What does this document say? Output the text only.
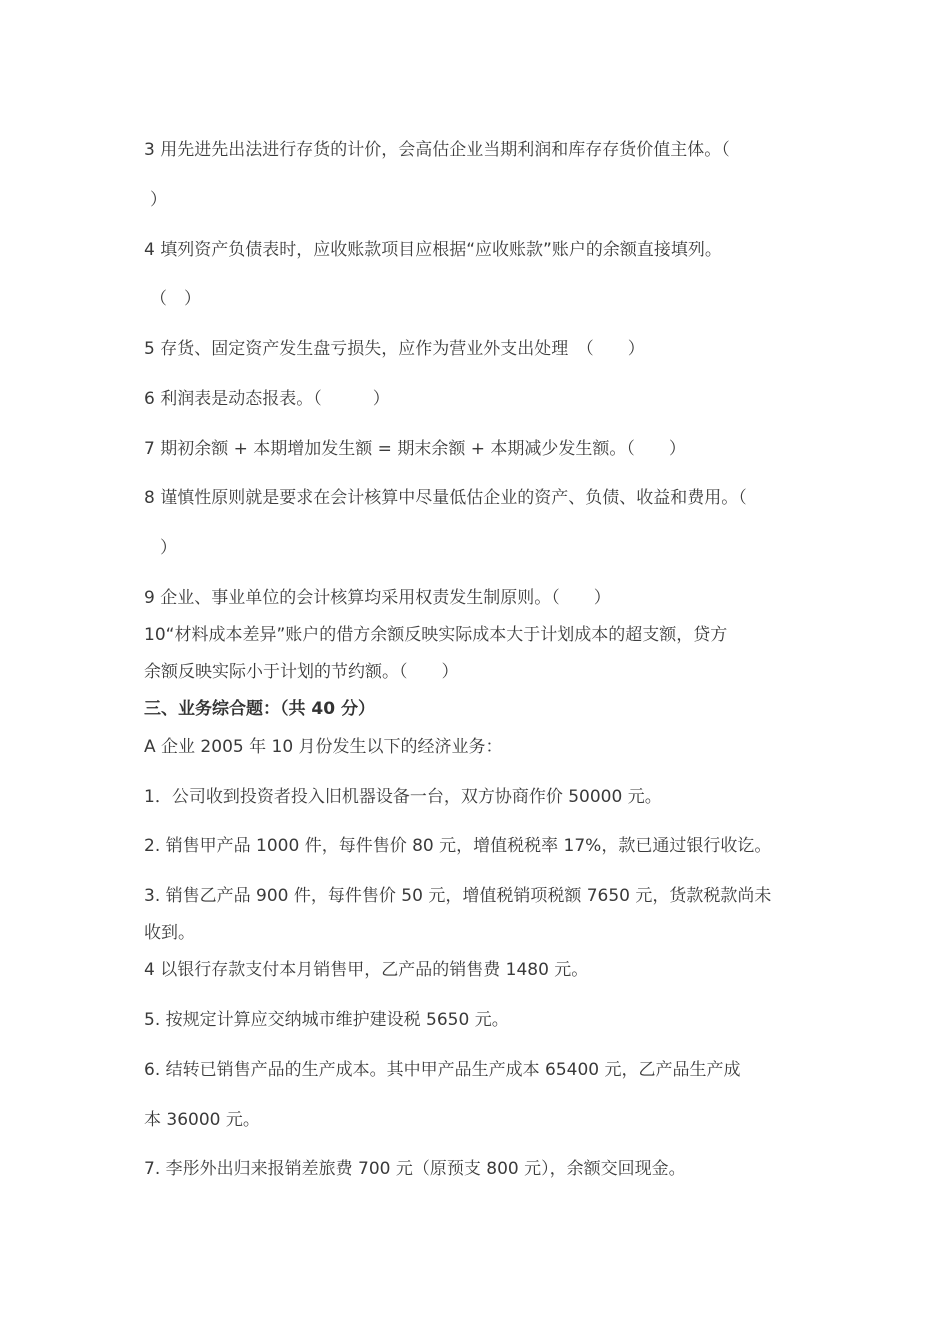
3 用先进先出法进行存货的计价，会高估企业当期利润和库存存货价值主体。（
）
4 填列资产负债表时，应收账款项目应根据“应收账款”账户的余额直接填列。
（　）
5 存货、固定资产发生盘亏损失，应作为营业外支出处理　（　　）
6 利润表是动态报表。（　　　）
7 期初余额 + 本期增加发生额 = 期末余额 + 本期减少发生额。（　　）
8 谨慎性原则就是要求在会计核算中尽量低估企业的资产、负债、收益和费用。（
）
9 企业、事业单位的会计核算均采用权责发生制原则。（　　）
10“材料成本差异”账户的借方余额反映实际成本大于计划成本的超支额，贷方
余额反映实际小于计划的节约额。（　　）
三、业务综合题：（共 40 分）
A 企业 2005 年 10 月份发生以下的经济业务：
1．公司收到投资者投入旧机器设备一台，双方协商作价 50000 元。
2. 销售甲产品 1000 件，每件售价 80 元，增值税税率 17%，款已通过银行收讫。
3. 销售乙产品 900 件，每件售价 50 元，增值税销项税额 7650 元，货款税款尚未
收到。
4 以银行存款支付本月销售甲，乙产品的销售费 1480 元。
5. 按规定计算应交纳城市维护建设税 5650 元。
6. 结转已销售产品的生产成本。其中甲产品生产成本 65400 元，乙产品生产成
本 36000 元。
7. 李彤外出归来报销差旅费 700 元（原预支 800 元），余额交回现金。
